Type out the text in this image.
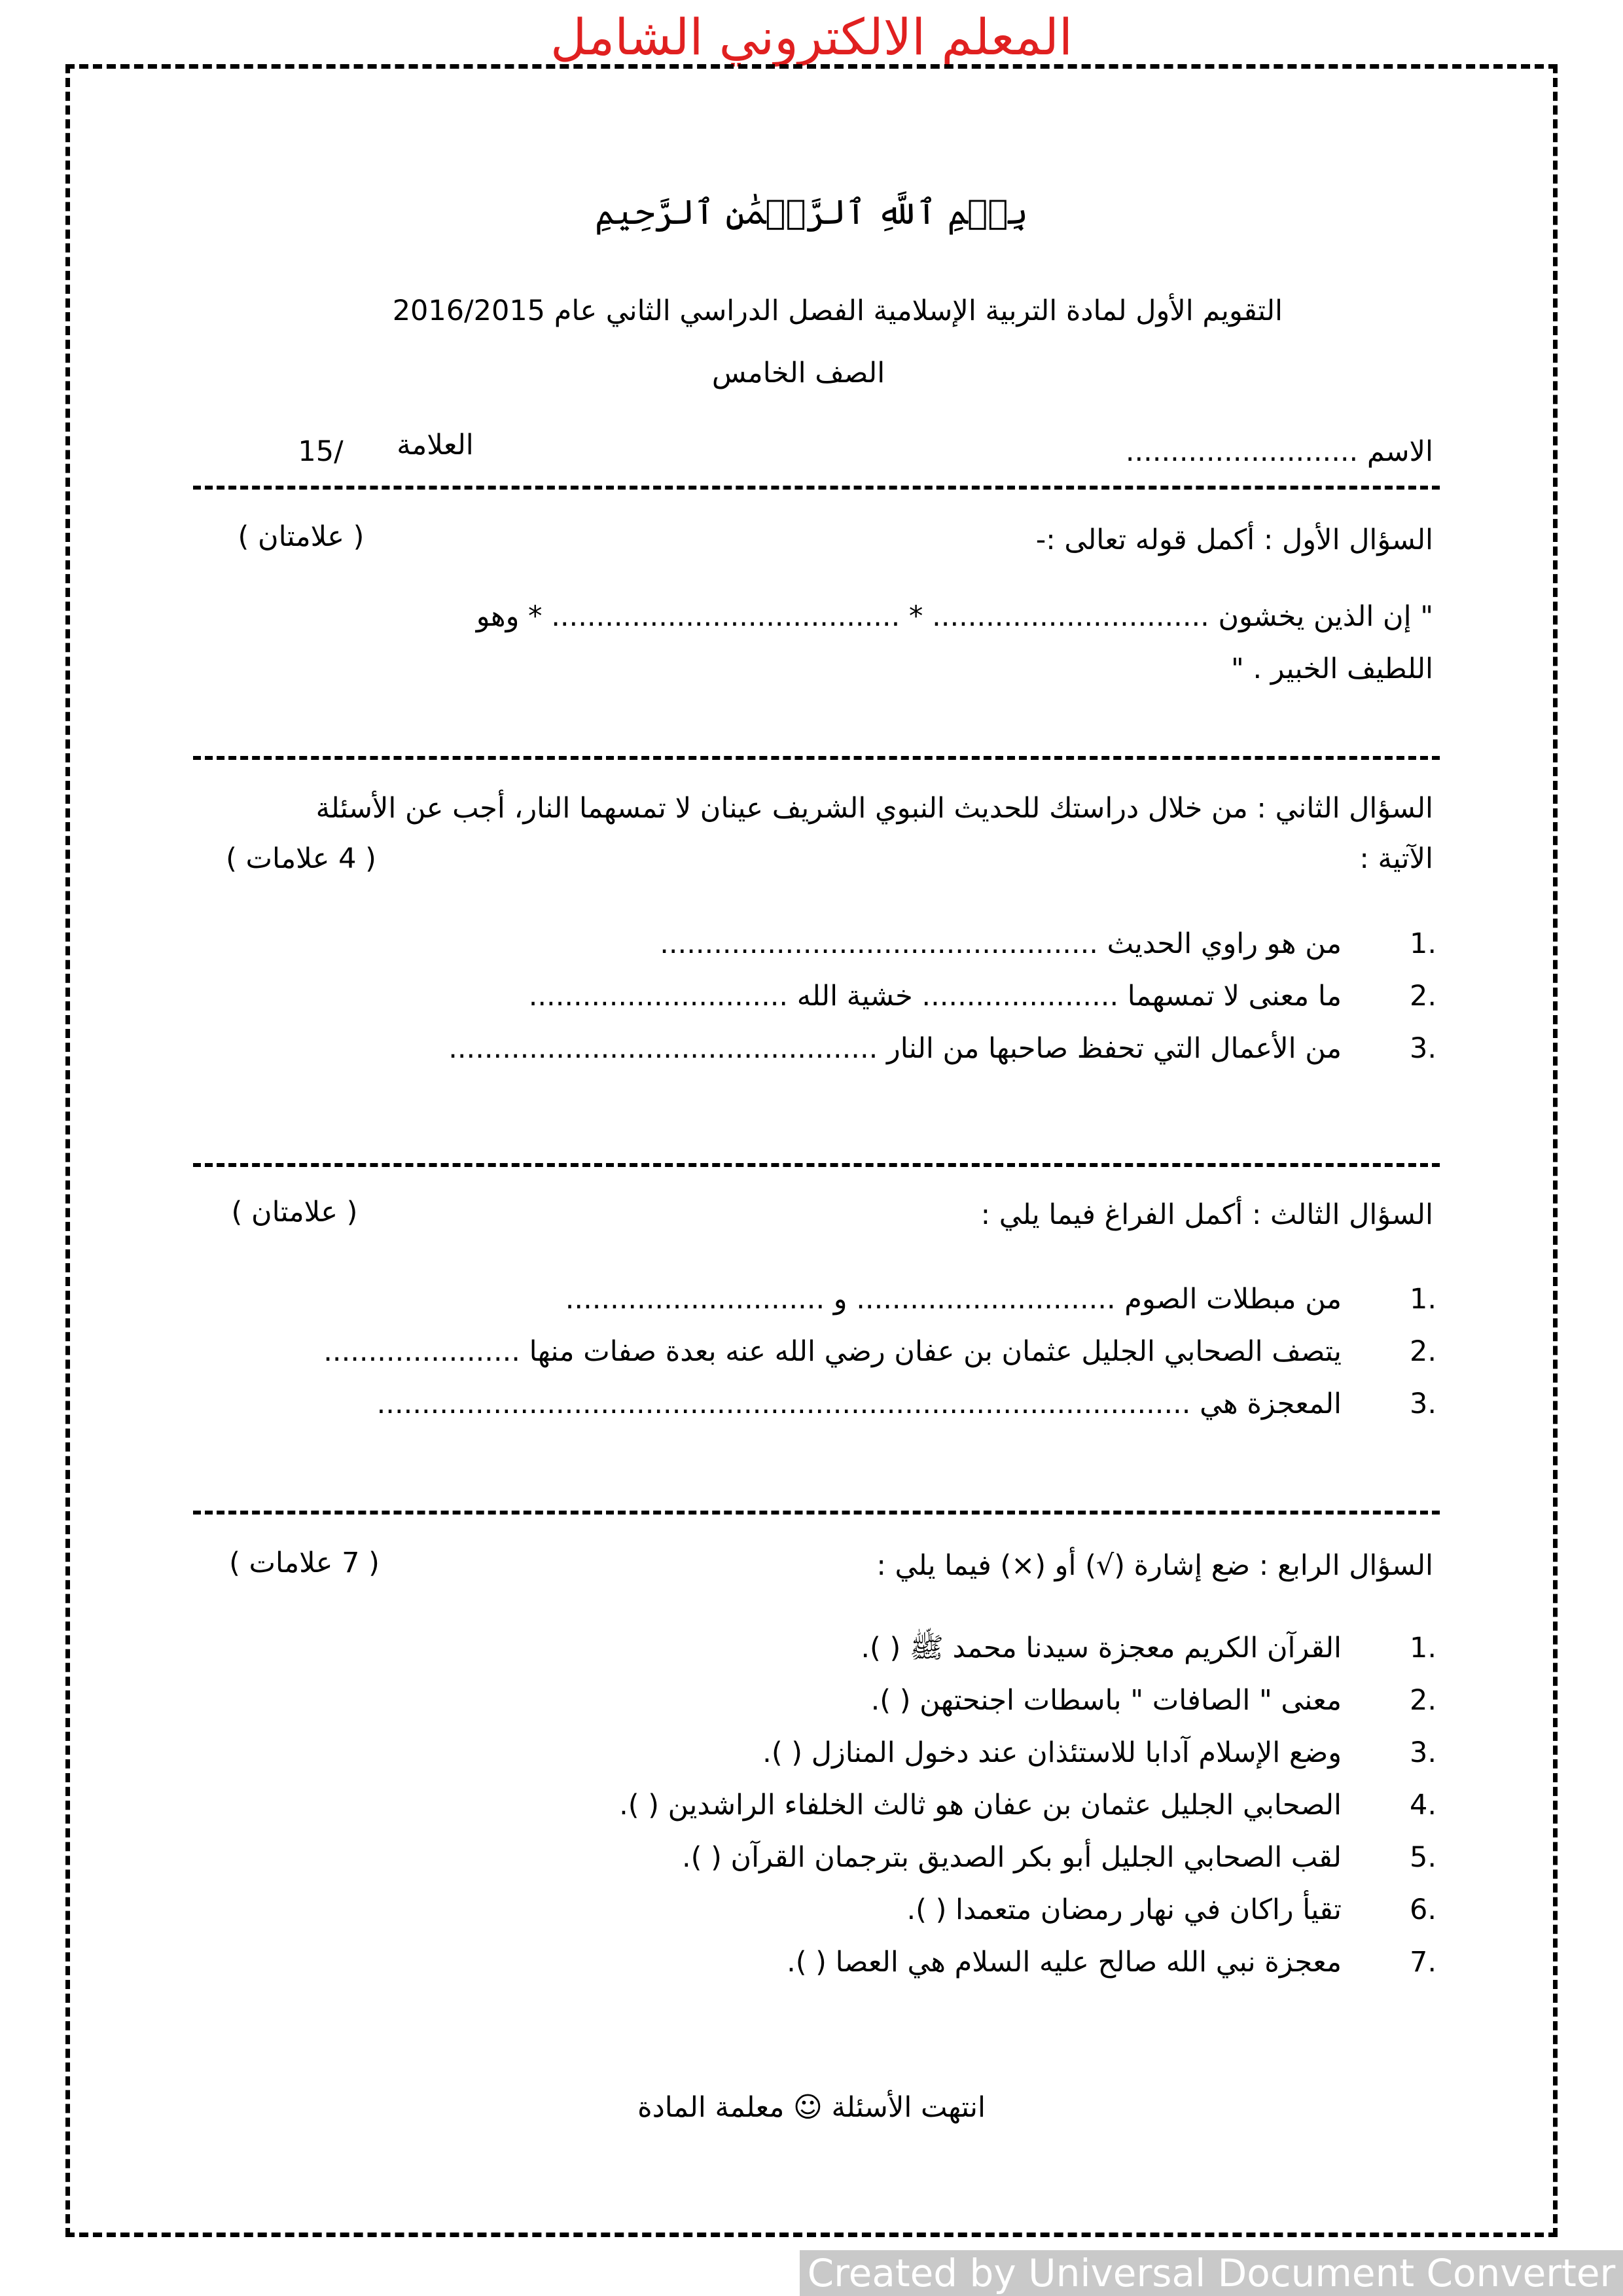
المعلم الالكتروني الشامل
بِسۡمِ ٱللَّهِ ٱلرَّحۡمَٰنِ ٱلرَّحِيمِ
التقويم الأول لمادة التربية الإسلامية الفصل الدراسي الثاني عام 2016/2015
الصف الخامس
الاسم ..........................
العلامة
15/
السؤال الأول : أكمل قوله تعالى :-
( علامتان )
" إن الذين يخشون ............................... * ....................................... * وهو
اللطيف الخبير . "
السؤال الثاني : من خلال دراستك للحديث النبوي الشريف عينان لا تمسهما النار، أجب عن الأسئلة
الآتية :
( 4 علامات )
1.
من هو راوي الحديث .................................................
2.
ما معنى لا تمسهما ...................... خشية الله .............................
3.
من الأعمال التي تحفظ صاحبها من النار ................................................
السؤال الثالث : أكمل الفراغ فيما يلي :
( علامتان )
1.
من مبطلات الصوم ............................. و .............................
2.
يتصف الصحابي الجليل عثمان بن عفان رضي الله عنه بعدة صفات منها ......................
3.
المعجزة هي ...........................................................................................
السؤال الرابع : ضع إشارة (√) أو (×) فيما يلي :
( 7 علامات )
1.
القرآن الكريم معجزة سيدنا محمد ﷺ ( ).
2.
معنى " الصافات " باسطات اجنحتهن ( ).
3.
وضع الإسلام آدابا للاستئذان عند دخول المنازل ( ).
4.
الصحابي الجليل عثمان بن عفان هو ثالث الخلفاء الراشدين ( ).
5.
لقب الصحابي الجليل أبو بكر الصديق بترجمان القرآن ( ).
6.
تقيأ راكان في نهار رمضان متعمدا ( ).
7.
معجزة نبي الله صالح عليه السلام هي العصا ( ).
انتهت الأسئلة ☺ معلمة المادة
Created by Universal Document Converter
